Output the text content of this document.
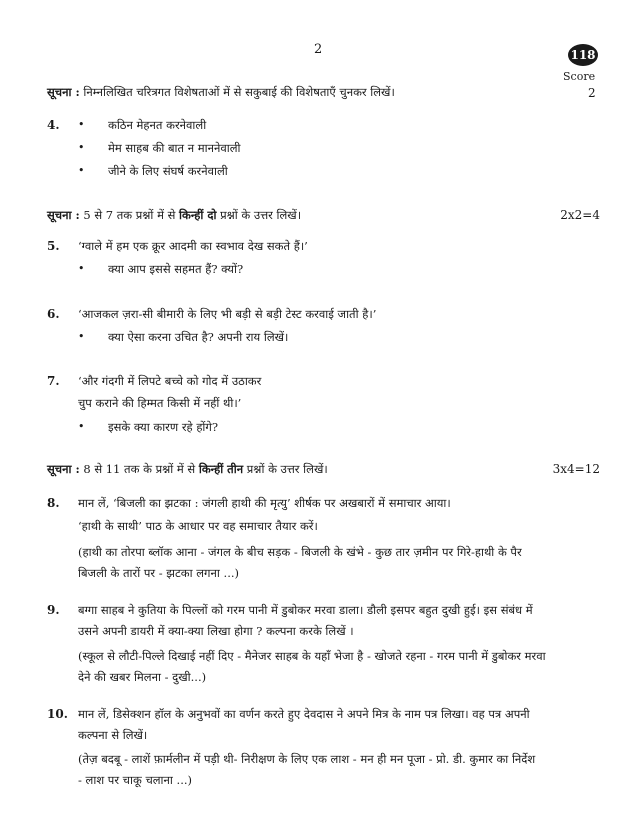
2	118
Score
2
सूचना : निम्नलिखित चरित्रगत विशेषताओं में से सकुबाई की विशेषताएँ चुनकर लिखें।
4. • कठिन मेहनत करनेवाली
• मेम साहब की बात न माननेवाली
• जीने के लिए संघर्ष करनेवाली
सूचना : 5 से 7 तक प्रश्नों में से किन्हीं दो प्रश्नों के उत्तर लिखें।	2x2=4
5. ‘ग्वाले में हम एक क्रूर आदमी का स्वभाव देख सकते हैं।’
• क्या आप इससे सहमत हैं? क्यों?
6. ‘आजकल ज़रा-सी बीमारी के लिए भी बड़ी से बड़ी टेस्ट करवाई जाती है।’
• क्या ऐसा करना उचित है? अपनी राय लिखें।
7. ‘और गंदगी में लिपटे बच्चे को गोद में उठाकर
चुप कराने की हिम्मत किसी में नहीं थी।’
• इसके क्या कारण रहे होंगे?
सूचना : 8 से 11 तक के प्रश्नों में से किन्हीं तीन प्रश्नों के उत्तर लिखें।	3x4=12
8. मान लें, ‘बिजली का झटका : जंगली हाथी की मृत्यु’ शीर्षक पर अखबारों में समाचार आया।
‘हाथी के साथी’ पाठ के आधार पर वह समाचार तैयार करें।
(हाथी का तोरपा ब्लॉक आना - जंगल के बीच सड़क - बिजली के खंभे - कुछ तार ज़मीन पर गिरे-हाथी के पैर
बिजली के तारों पर - झटका लगना ...)
9. बग्गा साहब ने कुतिया के पिल्लों को गरम पानी में डुबोकर मरवा डाला। डौली इसपर बहुत दुखी हुई। इस संबंध में
उसने अपनी डायरी में क्या-क्या लिखा होगा ? कल्पना करके लिखें ।
(स्कूल से लौटी-पिल्ले दिखाई नहीं दिए - मैनेजर साहब के यहाँ भेजा है - खोजते रहना - गरम पानी में डुबोकर मरवा
देने की खबर मिलना - दुखी...)
10. मान लें, डिसेक्शन हॉल के अनुभवों का वर्णन करते हुए देवदास ने अपने मित्र के नाम पत्र लिखा। वह पत्र अपनी
कल्पना से लिखें।
(तेज़ बदबू - लाशें फ़ार्मलीन में पड़ी थी- निरीक्षण के लिए एक लाश - मन ही मन पूजा - प्रो. डी. कुमार का निर्देश
- लाश पर चाकू चलाना ...)
